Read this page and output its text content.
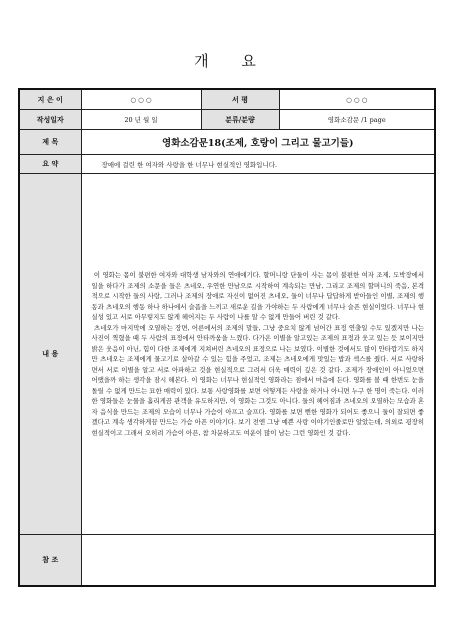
개 요
지 은 이	○ ○ ○	서 평	○ ○ ○
작성일자	20 년 월 일	분류/분량	영화소감문 /1 page
제 목	영화소감문18(조제, 호랑이 그리고 물고기들)		
요 약	장애에 걸린 한 여자와 사랑을 한 너무나 현실적인 영화입니다.		
내 용	이 영화는 몸이 불편한 여자와 대학생 남자와의 연애얘기다. 할머니랑 단둘이 사는 몸이 불편한 여자 조제, 도박장에서 일을 하다가 조제의 소문을 들은 츠네오, 우연한 만남으로 시작하여 계속되는 만남, 그리고 조제의 할머니의 죽음, 본격적으로 시작한 둘의 사랑, 그러나 조제의 장애로 자신이 없어진 츠네오, 둘이 너무나 답답하게 받아들인 이별, 조제의 행동과 츠네오의 행동 하나 하나에서 슬픔을 느끼고 새로운 길을 가야하는 두 사람에게 너무나 슬픈 현실이었다. 너무나 현실성 있고 서로 아무렇지도 않게 헤어지는 두 사람이 나를 알 수 없게 만들어 버린 것 같다.
츠네오가 마지막에 오열하는 장면, 어른에서의 조제의 말들, 그냥 중요치 않게 넘어간 표정 연출일 수도 있겠지만 나는 사진이 찍혔을 때 두 사람의 표정에서 안타까움을 느꼈다. 다가온 이별을 알고있는 조제의 표정과 웃고 있는 듯 보이지만 밝은 웃음이 아닌, 힘이 다한 조제에게 지쳐버린 츠네오의 표정으로 나는 보였다. 이별한 것에서도 많이 안타깝기도 하지만 츠네오는 조제에게 물고기로 살아갈 수 있는 힘을 주었고, 조제는 츠네오에게 맛있는 밥과 섹스를 줬다. 서로 사랑하면서 서로 이별을 알고 서로 아파하고 것을 현실적으로 그려서 더욱 매력이 깊은 것 같다. 조제가 장애인이 아니었으면 어땠을까 하는 생각을 잠시 해본다. 이 영화는 너무나 현실적인 영화라는 점에서 마음에 든다. 영화를 볼 때 한번도 눈을 돌릴 수 없게 만드는 묘한 매력이 있다. 보통 사랑영화를 보면 어떻게든 사랑을 하거나 아니면 누구 한 명이 죽는다. 이러한 영화들은 눈물을 흘리게끔 관객을 유도하지만, 이 영화는 그것도 아니다. 둘의 헤어짐과 츠네오의 오열하는 모습과 혼자 음식을 만드는 조제의 모습이 너무나 가슴이 아프고 슬프다. 영화를 보면 뻔한 영화가 되어도 좋으니 둘이 잘되면 좋겠다고 계속 생각하게끔 만드는 가슴 아픈 이야기다. 보기 전엔 그냥 예쁜 사랑 이야기인줄로만 알았는데, 의외로 굉장히 현실적이고 그래서 오히려 가슴이 아픈, 참 차분하고도 여운이 많이 남는 그런 영화인 것 같다.		

참 조			
